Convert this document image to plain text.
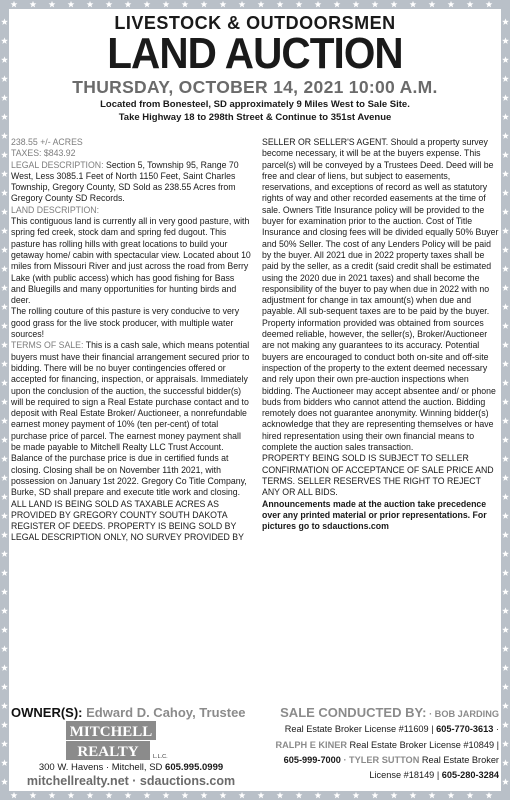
LIVESTOCK & OUTDOORSMEN
LAND AUCTION
THURSDAY, OCTOBER 14, 2021 10:00 A.M.
Located from Bonesteel, SD approximately 9 Miles West to Sale Site.
Take Highway 18 to 298th Street & Continue to 351st Avenue

238.55 +/- ACRES

TAXES: $843.92

LEGAL DESCRIPTION: Section 5, Township 95, Range 70 West, Less 3085.1 Feet of North 1150 Feet, Saint Charles Township, Gregory County, SD Sold as 238.55 Acres from Gregory County SD Records.

LAND DESCRIPTION:

This contiguous land is currently all in very good pasture, with spring fed creek, stock dam and spring fed dugout. This pasture has rolling hills with great locations to build your getaway home/ cabin with spectacular view. Located about 10 miles from Missouri River and just across the road from Berry Lake (with public access) which has good fishing for Bass and Bluegills and many opportunities for hunting birds and deer.

The rolling couture of this pasture is very conducive to very good grass for the live stock producer, with multiple water sources!

TERMS OF SALE: This is a cash sale, which means potential buyers must have their financial arrangement secured prior to bidding. There will be no buyer contingencies offered or accepted for financing, inspection, or appraisals. Immediately upon the conclusion of the auction, the successful bidder(s) will be required to sign a Real Estate purchase contact and to deposit with Real Estate Broker/ Auctioneer, a nonrefundable earnest money payment of 10% (ten per-cent) of total purchase price of parcel. The earnest money payment shall be made payable to Mitchell Realty LLC Trust Account. Balance of the purchase price is due in certified funds at closing. Closing shall be on November 11th 2021, with possession on January 1st 2022. Gregory Co Title Company, Burke, SD shall prepare and execute title work and closing. ALL LAND IS BEING SOLD AS TAXABLE ACRES AS PROVIDED BY GREGORY COUNTY SOUTH DAKOTA REGISTER OF DEEDS. PROPERTY IS BEING SOLD BY LEGAL DESCRIPTION ONLY, NO SURVEY PROVIDED BY

SELLER OR SELLER'S AGENT. Should a property survey become necessary, it will be at the buyers expense. This parcel(s) will be conveyed by a Trustees Deed. Deed will be free and clear of liens, but subject to easements, reservations, and exceptions of record as well as statutory rights of way and other recorded easements at the time of sale. Owners Title Insurance policy will be provided to the buyer for examination prior to the auction. Cost of Title Insurance and closing fees will be divided equally 50% Buyer and 50% Seller. The cost of any Lenders Policy will be paid by the buyer. All 2021 due in 2022 property taxes shall be paid by the seller, as a credit (said credit shall be estimated using the 2020 due in 2021 taxes) and shall become the responsibility of the buyer to pay when due in 2022 with no adjustment for change in tax amount(s) when due and payable. All sub-sequent taxes are to be paid by the buyer.

Property information provided was obtained from sources deemed reliable, however, the seller(s), Broker/Auctioneer are not making any guarantees to its accuracy. Potential buyers are encouraged to conduct both on-site and off-site inspection of the property to the extent deemed necessary and rely upon their own pre-auction inspections when bidding. The Auctioneer may accept absentee and/ or phone buds from bidders who cannot attend the auction. Bidding remotely does not guarantee anonymity. Winning bidder(s) acknowledge that they are representing themselves or have hired representation using their own financial means to complete the auction sales transaction.

PROPERTY BEING SOLD IS SUBJECT TO SELLER CONFIRMATION OF ACCEPTANCE OF SALE PRICE AND TERMS. SELLER RESERVES THE RIGHT TO REJECT ANY OR ALL BIDS.

Announcements made at the auction take precedence over any printed material or prior representations. For pictures go to sdauctions.com

OWNER(S): Edward D. Cahoy, Trustee
MITCHELL
REALTY	L.L.C.
300 W. Havens · Mitchell, SD 605.995.0999
mitchellrealty.net · sdauctions.com
SALE CONDUCTED BY: · BOB JARDING Real Estate Broker License #11609 | 605-770-3613 · RALPH E KINER Real Estate Broker License #10849 | 605-999-7000 · TYLER SUTTON Real Estate Broker License #18149 | 605-280-3284
